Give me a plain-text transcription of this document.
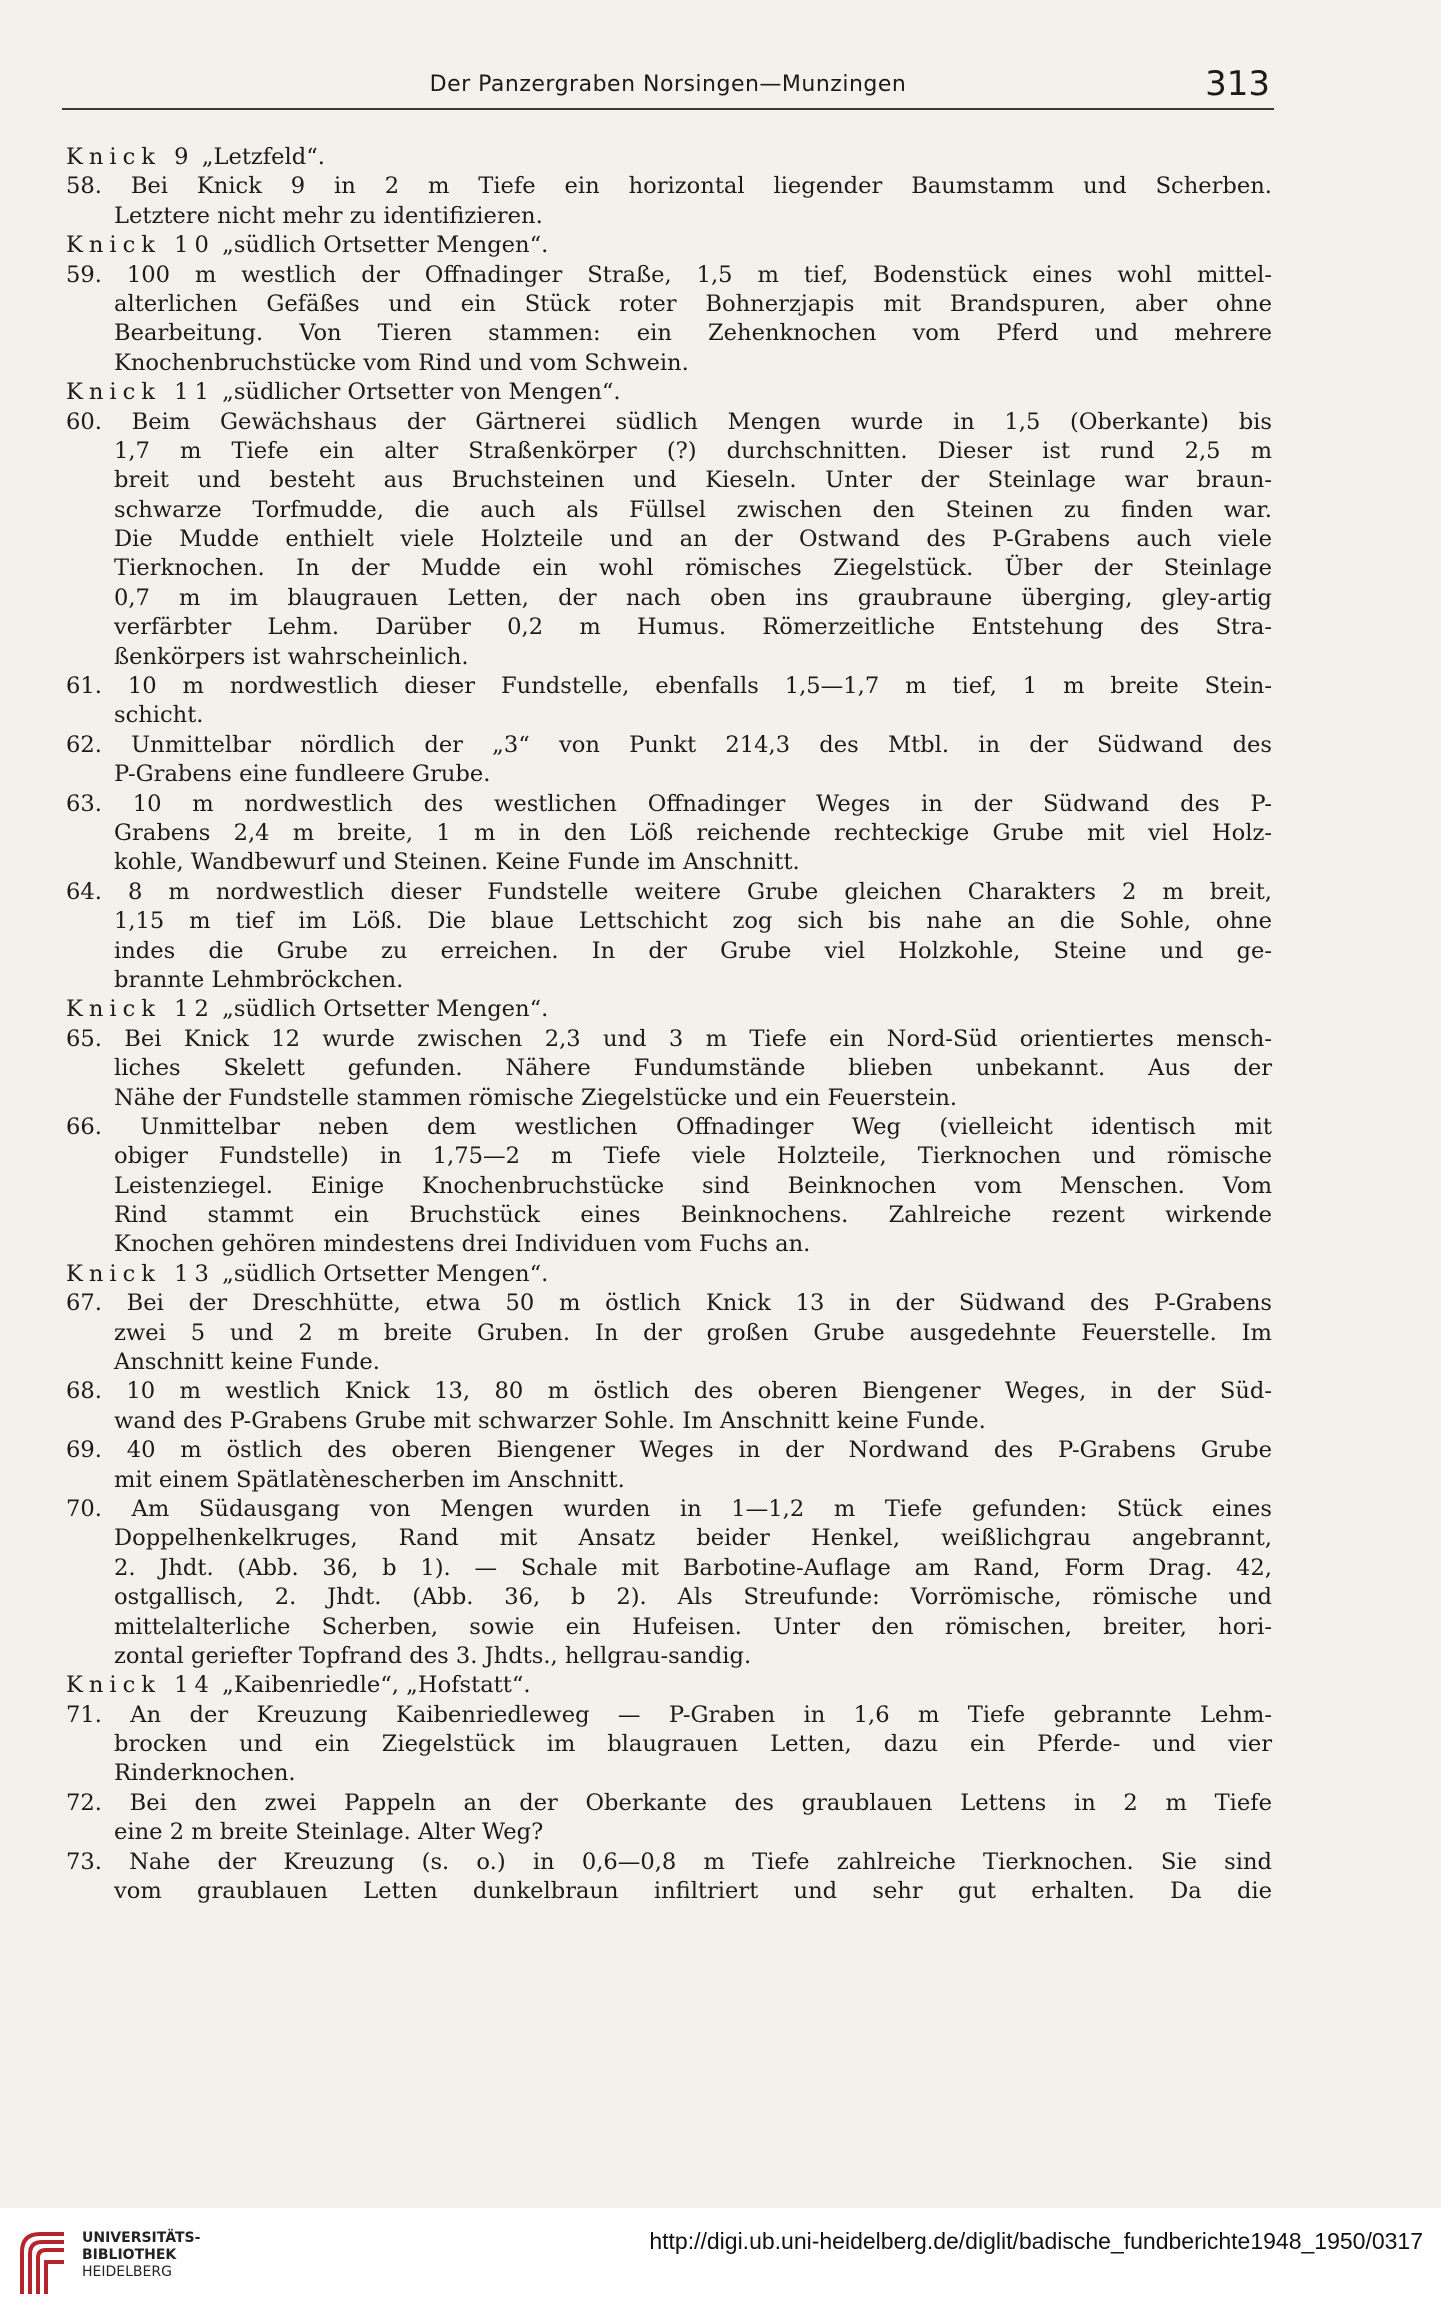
Der Panzergraben Norsingen—Munzingen	313
Knick 9 „Letzfeld“.
58. Bei Knick 9 in 2 m Tiefe ein horizontal liegender Baumstamm und Scherben.
Letztere nicht mehr zu identifizieren.
Knick 10 „südlich Ortsetter Mengen“.
59. 100 m westlich der Offnadinger Straße, 1,5 m tief, Bodenstück eines wohl mittel-
alterlichen Gefäßes und ein Stück roter Bohnerzjapis mit Brandspuren, aber ohne
Bearbeitung. Von Tieren stammen: ein Zehenknochen vom Pferd und mehrere
Knochenbruchstücke vom Rind und vom Schwein.
Knick 11 „südlicher Ortsetter von Mengen“.
60. Beim Gewächshaus der Gärtnerei südlich Mengen wurde in 1,5 (Oberkante) bis
1,7 m Tiefe ein alter Straßenkörper (?) durchschnitten. Dieser ist rund 2,5 m
breit und besteht aus Bruchsteinen und Kieseln. Unter der Steinlage war braun-
schwarze Torfmudde, die auch als Füllsel zwischen den Steinen zu finden war.
Die Mudde enthielt viele Holzteile und an der Ostwand des P-Grabens auch viele
Tierknochen. In der Mudde ein wohl römisches Ziegelstück. Über der Steinlage
0,7 m im blaugrauen Letten, der nach oben ins graubraune überging, gley-artig
verfärbter Lehm. Darüber 0,2 m Humus. Römerzeitliche Entstehung des Stra-
ßenkörpers ist wahrscheinlich.
61. 10 m nordwestlich dieser Fundstelle, ebenfalls 1,5—1,7 m tief, 1 m breite Stein-
schicht.
62. Unmittelbar nördlich der „3“ von Punkt 214,3 des Mtbl. in der Südwand des
P-Grabens eine fundleere Grube.
63. 10 m nordwestlich des westlichen Offnadinger Weges in der Südwand des P-
Grabens 2,4 m breite, 1 m in den Löß reichende rechteckige Grube mit viel Holz-
kohle, Wandbewurf und Steinen. Keine Funde im Anschnitt.
64. 8 m nordwestlich dieser Fundstelle weitere Grube gleichen Charakters 2 m breit,
1,15 m tief im Löß. Die blaue Lettschicht zog sich bis nahe an die Sohle, ohne
indes die Grube zu erreichen. In der Grube viel Holzkohle, Steine und ge-
brannte Lehmbröckchen.
Knick 12 „südlich Ortsetter Mengen“.
65. Bei Knick 12 wurde zwischen 2,3 und 3 m Tiefe ein Nord-Süd orientiertes mensch-
liches Skelett gefunden. Nähere Fundumstände blieben unbekannt. Aus der
Nähe der Fundstelle stammen römische Ziegelstücke und ein Feuerstein.
66. Unmittelbar neben dem westlichen Offnadinger Weg (vielleicht identisch mit
obiger Fundstelle) in 1,75—2 m Tiefe viele Holzteile, Tierknochen und römische
Leistenziegel. Einige Knochenbruchstücke sind Beinknochen vom Menschen. Vom
Rind stammt ein Bruchstück eines Beinknochens. Zahlreiche rezent wirkende
Knochen gehören mindestens drei Individuen vom Fuchs an.
Knick 13 „südlich Ortsetter Mengen“.
67. Bei der Dreschhütte, etwa 50 m östlich Knick 13 in der Südwand des P-Grabens
zwei 5 und 2 m breite Gruben. In der großen Grube ausgedehnte Feuerstelle. Im
Anschnitt keine Funde.
68. 10 m westlich Knick 13, 80 m östlich des oberen Biengener Weges, in der Süd-
wand des P-Grabens Grube mit schwarzer Sohle. Im Anschnitt keine Funde.
69. 40 m östlich des oberen Biengener Weges in der Nordwand des P-Grabens Grube
mit einem Spätlatènescherben im Anschnitt.
70. Am Südausgang von Mengen wurden in 1—1,2 m Tiefe gefunden: Stück eines
Doppelhenkelkruges, Rand mit Ansatz beider Henkel, weißlichgrau angebrannt,
2. Jhdt. (Abb. 36, b 1). — Schale mit Barbotine-Auflage am Rand, Form Drag. 42,
ostgallisch, 2. Jhdt. (Abb. 36, b 2). Als Streufunde: Vorrömische, römische und
mittelalterliche Scherben, sowie ein Hufeisen. Unter den römischen, breiter, hori-
zontal geriefter Topfrand des 3. Jhdts., hellgrau-sandig.
Knick 14 „Kaibenriedle“, „Hofstatt“.
71. An der Kreuzung Kaibenriedleweg — P-Graben in 1,6 m Tiefe gebrannte Lehm-
brocken und ein Ziegelstück im blaugrauen Letten, dazu ein Pferde- und vier
Rinderknochen.
72. Bei den zwei Pappeln an der Oberkante des graublauen Lettens in 2 m Tiefe
eine 2 m breite Steinlage. Alter Weg?
73. Nahe der Kreuzung (s. o.) in 0,6—0,8 m Tiefe zahlreiche Tierknochen. Sie sind
vom graublauen Letten dunkelbraun infiltriert und sehr gut erhalten. Da die
UNIVERSITÄTS-
BIBLIOTHEK
HEIDELBERG
http://digi.ub.uni-heidelberg.de/diglit/badische_fundberichte1948_1950/0317
